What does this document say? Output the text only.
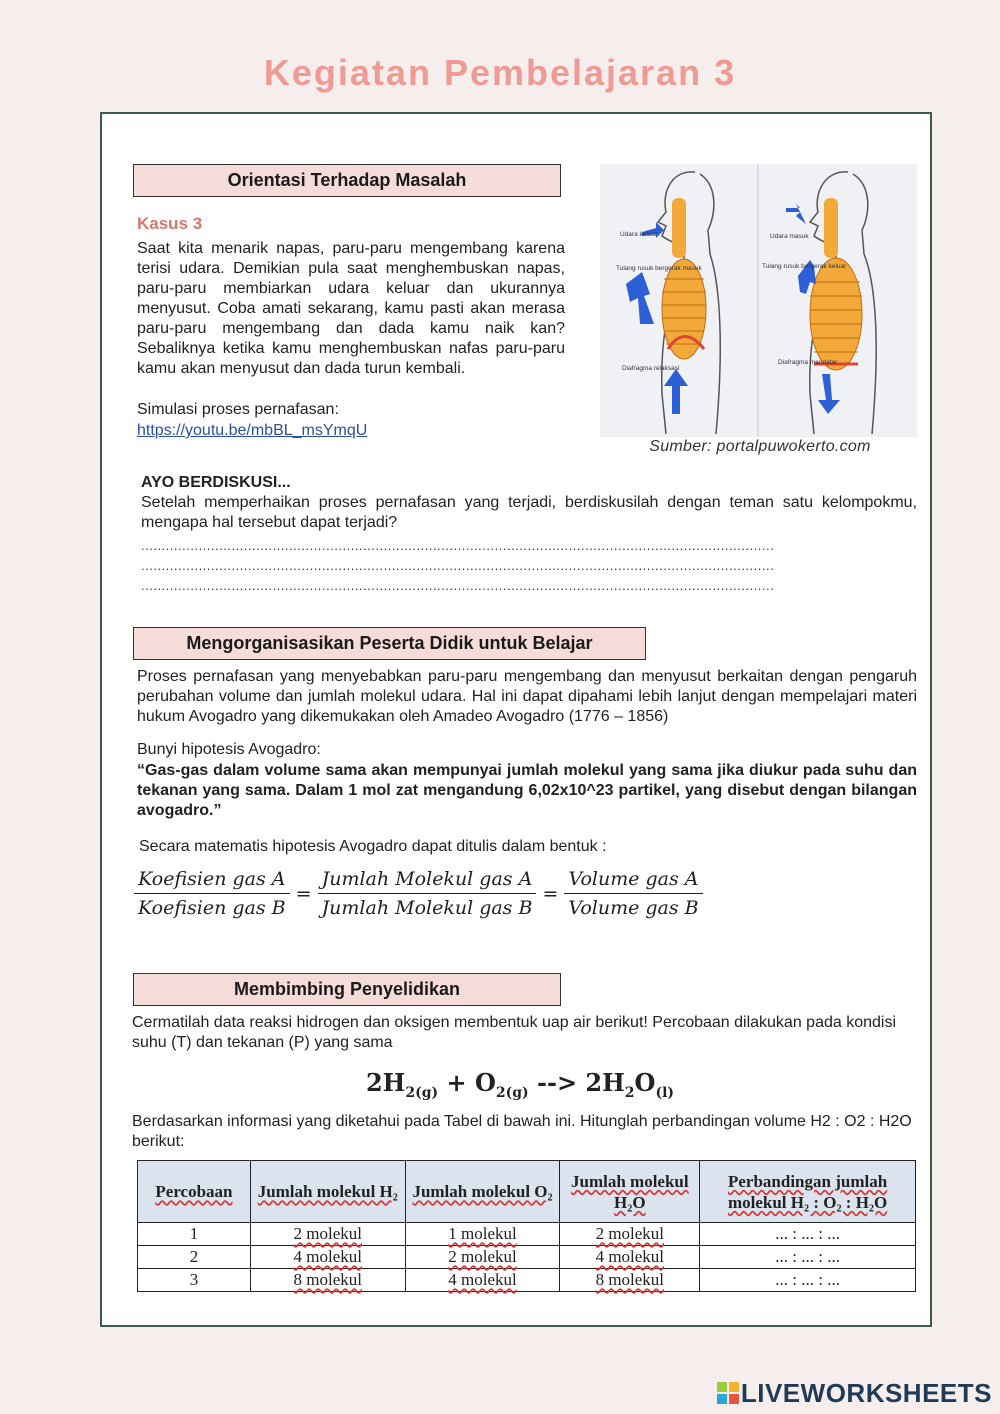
Kegiatan Pembelajaran 3
Orientasi Terhadap Masalah
Kasus 3
Saat kita menarik napas, paru-paru mengembang karena terisi udara. Demikian pula saat menghembuskan napas, paru-paru membiarkan udara keluar dan ukurannya menyusut. Coba amati sekarang, kamu pasti akan merasa paru-paru mengembang dan dada kamu naik kan? Sebaliknya ketika kamu menghembuskan nafas paru-paru kamu akan menyusut dan dada turun kembali.
Simulasi proses pernafasan:
https://youtu.be/mbBL_msYmqU
Udara keluar
Tulang rusuk bergerak masuk
Diafragma relaksasi
Udara masuk
Tulang rusuk bergerak keluar
Diafragma mendatar
Sumber: portalpuwokerto.com
AYO BERDISKUSI...
Setelah memperhaikan proses pernafasan yang terjadi, berdiskusilah dengan teman satu kelompokmu, mengapa hal tersebut dapat terjadi?
..........................................................................................................................................................
..........................................................................................................................................................
..........................................................................................................................................................
Mengorganisasikan Peserta Didik untuk Belajar
Proses pernafasan yang menyebabkan paru-paru mengembang dan menyusut berkaitan dengan pengaruh perubahan volume dan jumlah molekul udara. Hal ini dapat dipahami lebih lanjut dengan mempelajari materi hukum Avogadro yang dikemukakan oleh Amadeo Avogadro (1776 – 1856)
Bunyi hipotesis Avogadro:
“Gas-gas dalam volume sama akan mempunyai jumlah molekul yang sama jika diukur pada suhu dan tekanan yang sama. Dalam 1 mol zat mengandung 6,02x10^23 partikel, yang disebut dengan bilangan avogadro.”
Secara matematis hipotesis Avogadro dapat ditulis dalam bentuk :
$\frac{\text{Koefisien gas A}}{\text{Koefisien gas B}} = \frac{\text{Jumlah Molekul gas A}}{\text{Jumlah Molekul gas B}} = \frac{\text{Volume gas A}}{\text{Volume gas B}}$
Membimbing Penyelidikan
Cermatilah data reaksi hidrogen dan oksigen membentuk uap air berikut! Percobaan dilakukan pada kondisi suhu (T) dan tekanan (P) yang sama
$2H_{2(g)} + O_{2(g)}$ --> $2H_2O_{(l)}$
Berdasarkan informasi yang diketahui pada Tabel di bawah ini. Hitunglah perbandingan volume H2 : O2 : H2O berikut:
Percobaan	Jumlah molekul H₂	Jumlah molekul O₂	Jumlah molekul H₂O	Perbandingan jumlah molekul H₂ : O₂ : H₂O
1	2 molekul	1 molekul	2 molekul	... : ... : ...
2	4 molekul	2 molekul	4 molekul	... : ... : ...
3	8 molekul	4 molekul	8 molekul	... : ... : ...
LIVEWORKSHEETS
